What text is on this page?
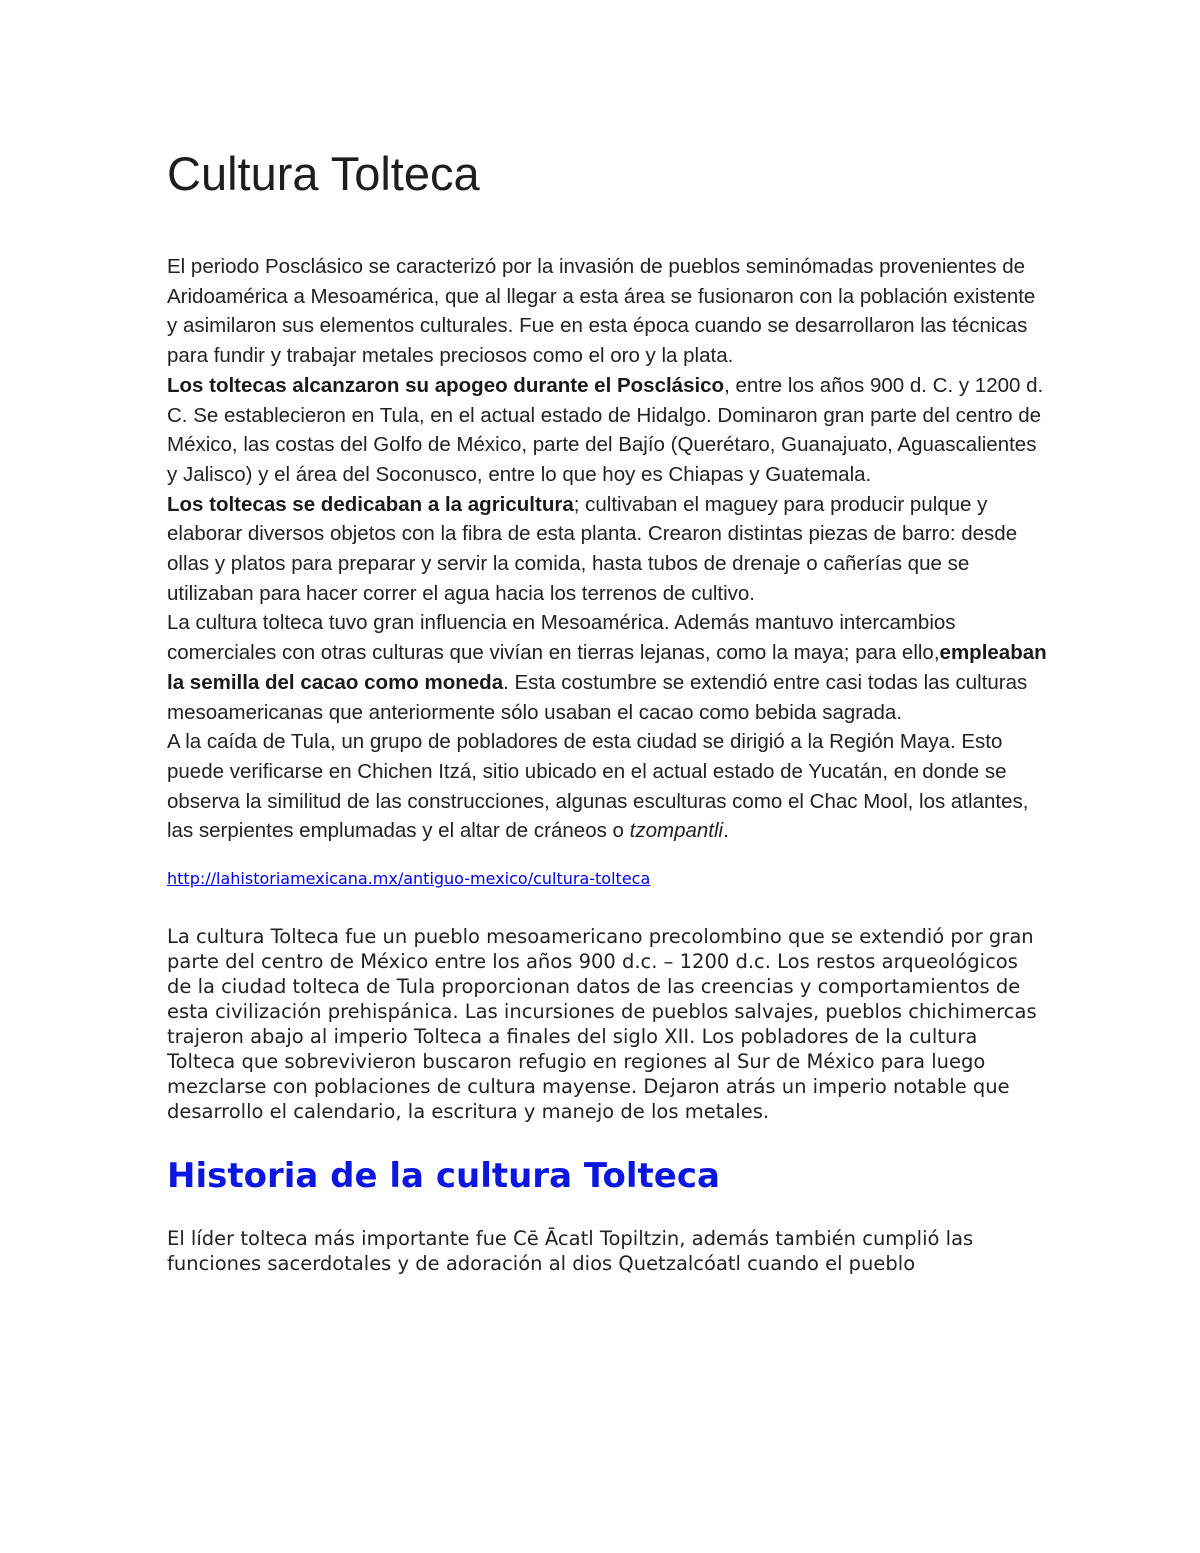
Cultura Tolteca

El periodo Posclásico se caracterizó por la invasión de pueblos seminómadas provenientes de Aridoamérica a Mesoamérica, que al llegar a esta área se fusionaron con la población existente y asimilaron sus elementos culturales. Fue en esta época cuando se desarrollaron las técnicas para fundir y trabajar metales preciosos como el oro y la plata.
Los toltecas alcanzaron su apogeo durante el Posclásico, entre los años 900 d. C. y 1200 d. C. Se establecieron en Tula, en el actual estado de Hidalgo. Dominaron gran parte del centro de México, las costas del Golfo de México, parte del Bajío (Querétaro, Guanajuato, Aguascalientes y Jalisco) y el área del Soconusco, entre lo que hoy es Chiapas y Guatemala.
Los toltecas se dedicaban a la agricultura; cultivaban el maguey para producir pulque y elaborar diversos objetos con la fibra de esta planta. Crearon distintas piezas de barro: desde ollas y platos para preparar y servir la comida, hasta tubos de drenaje o cañerías que se utilizaban para hacer correr el agua hacia los terrenos de cultivo.
La cultura tolteca tuvo gran influencia en Mesoamérica. Además mantuvo intercambios comerciales con otras culturas que vivían en tierras lejanas, como la maya; para ello,empleaban la semilla del cacao como moneda. Esta costumbre se extendió entre casi todas las culturas mesoamericanas que anteriormente sólo usaban el cacao como bebida sagrada.
A la caída de Tula, un grupo de pobladores de esta ciudad se dirigió a la Región Maya. Esto puede verificarse en Chichen Itzá, sitio ubicado en el actual estado de Yucatán, en donde se observa la similitud de las construcciones, algunas esculturas como el Chac Mool, los atlantes, las serpientes emplumadas y el altar de cráneos o tzompantli.

http://lahistoriamexicana.mx/antiguo-mexico/cultura-tolteca

La cultura Tolteca fue un pueblo mesoamericano precolombino que se extendió por gran parte del centro de México entre los años 900 d.c. – 1200 d.c. Los restos arqueológicos de la ciudad tolteca de Tula proporcionan datos de las creencias y comportamientos de esta civilización prehispánica. Las incursiones de pueblos salvajes, pueblos chichimercas trajeron abajo al imperio Tolteca a finales del siglo XII. Los pobladores de la cultura Tolteca que sobrevivieron buscaron refugio en regiones al Sur de México para luego mezclarse con poblaciones de cultura mayense. Dejaron atrás un imperio notable que desarrollo el calendario, la escritura y manejo de los metales.

Historia de la cultura Tolteca

El líder tolteca más importante fue Cē Ācatl Topiltzin, además también cumplió las funciones sacerdotales y de adoración al dios Quetzalcóatl cuando el pueblo
